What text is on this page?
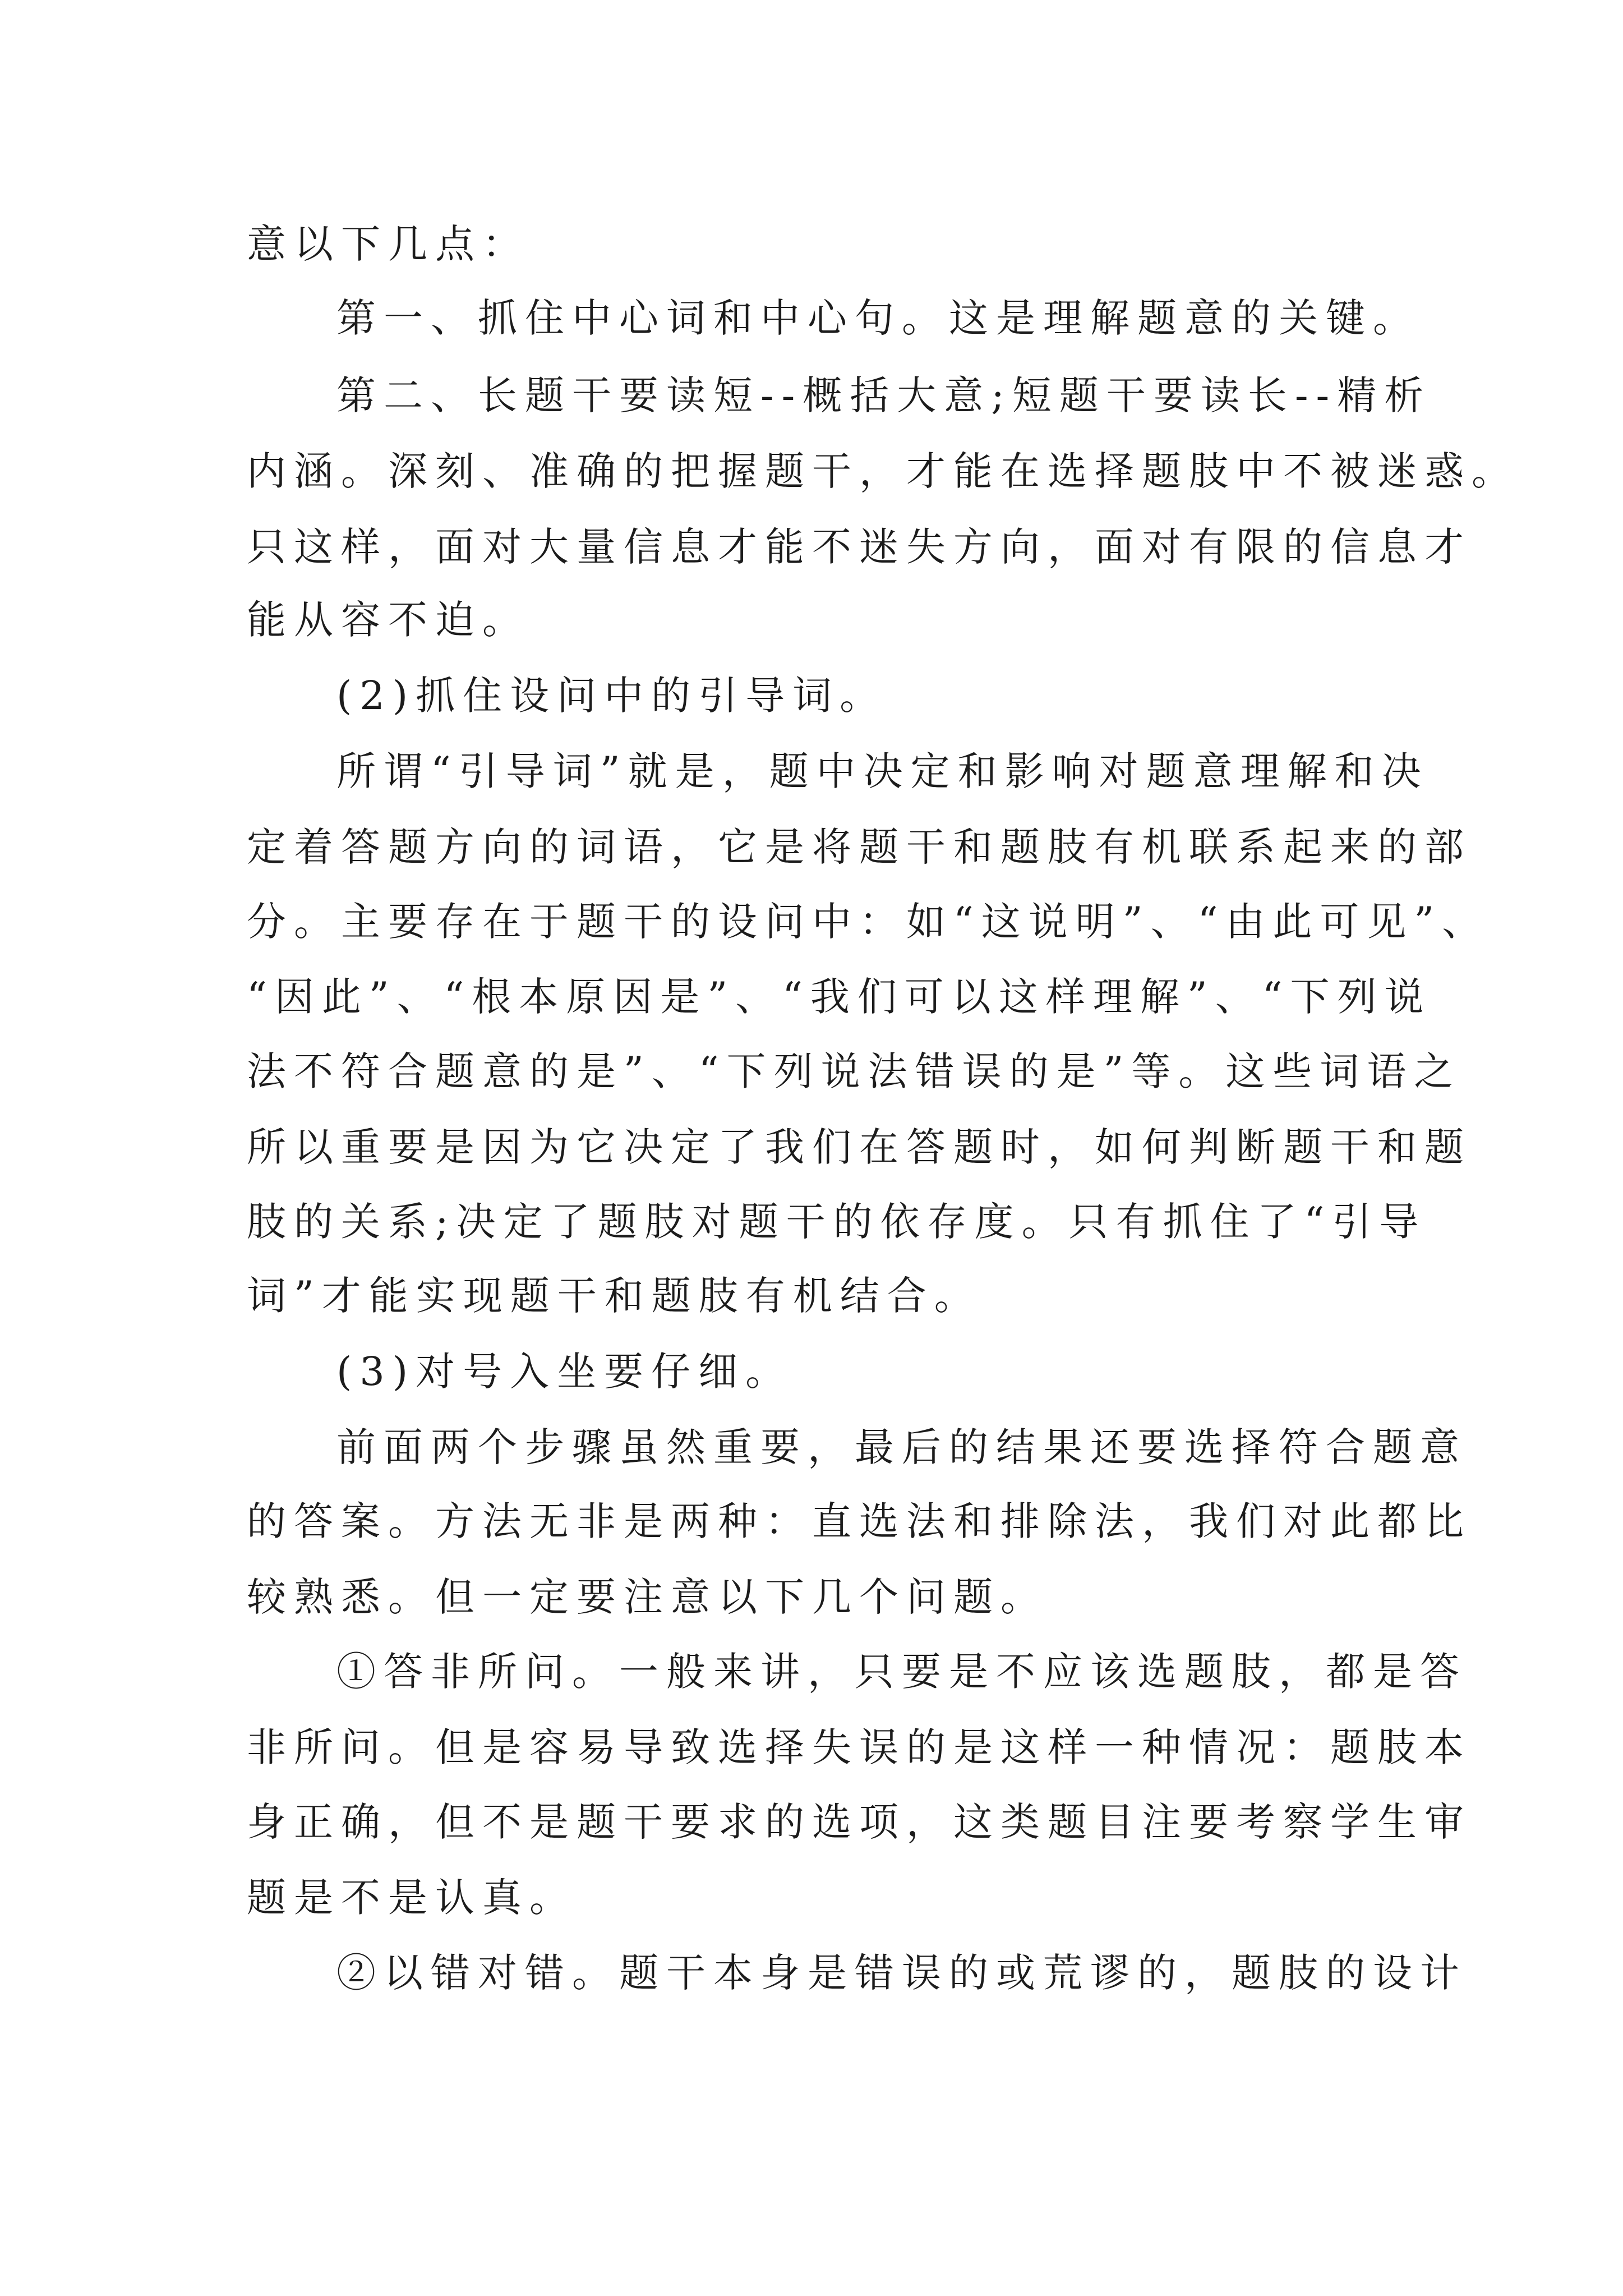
意以下几点：

第一、抓住中心词和中心句。这是理解题意的关键。

第二、长题干要读短--概括大意;短题干要读长--精析

内涵。深刻、准确的把握题干，才能在选择题肢中不被迷惑。

只这样，面对大量信息才能不迷失方向，面对有限的信息才

能从容不迫。

(2)抓住设问中的引导词。

所谓“引导词”就是，题中决定和影响对题意理解和决

定着答题方向的词语，它是将题干和题肢有机联系起来的部

分。主要存在于题干的设问中：如“这说明”、“由此可见”、

“因此”、“根本原因是”、“我们可以这样理解”、“下列说

法不符合题意的是”、“下列说法错误的是”等。这些词语之

所以重要是因为它决定了我们在答题时，如何判断题干和题

肢的关系;决定了题肢对题干的依存度。只有抓住了“引导

词”才能实现题干和题肢有机结合。

(3)对号入坐要仔细。

前面两个步骤虽然重要，最后的结果还要选择符合题意

的答案。方法无非是两种：直选法和排除法，我们对此都比

较熟悉。但一定要注意以下几个问题。

①答非所问。一般来讲，只要是不应该选题肢，都是答

非所问。但是容易导致选择失误的是这样一种情况：题肢本

身正确，但不是题干要求的选项，这类题目注要考察学生审

题是不是认真。

②以错对错。题干本身是错误的或荒谬的，题肢的设计
